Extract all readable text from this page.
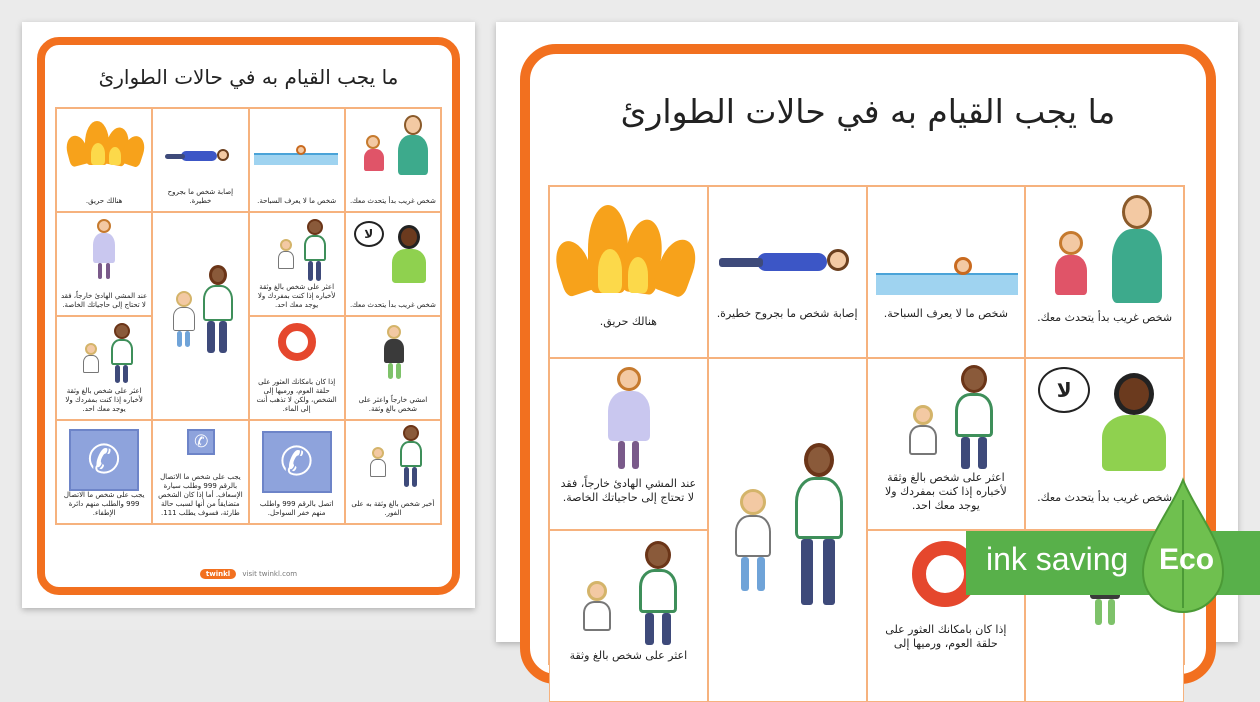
ما يجب القيام به في حالات الطوارئ
هنالك حريق.
إصابة شخص ما بجروح خطيرة.	شخص ما لا يعرف السباحة.	شخص غريب بدأ يتحدث معك.
عند المشي الهادئ خارجاً، فقد لا تحتاج إلى حاجياتك الخاصة.
اعثر على شخص بالغ وثقة لأخباره إذا كنت بمفردك ولا يوجد معك احد.
لا
شخص غريب بدأ يتحدث معك.
اعثر على شخص بالغ وثقة لأخباره إذا كنت بمفردك ولا يوجد معك احد.
إذا كان بامكانك العثور على حلقة العوم، ورميها إلى الشخص، ولكن لا تذهب أنت إلى الماء.
امشي خارجاً واعثر على شخص بالغ وثقة.
✆
يجب على شخص ما الاتصال 999 والطلب منهم دائرة الإطفاء.
✆
يجب على شخص ما الاتصال بالرقم 999 وطلب سيارة الإسعاف. أما إذا كان الشخص متضايقاً من أنها لسبب حالة طارئة، فسوف يطلب 111.
✆
اتصل بالرقم 999 واطلب منهم خفر السواحل.
أخبر شخص بالغ وثقة به على الفور.
twinkl visit twinkl.com
ما يجب القيام به في حالات الطوارئ
هنالك حريق.
إصابة شخص ما بجروح خطيرة.	شخص ما لا يعرف السباحة.	شخص غريب بدأ يتحدث معك.
عند المشي الهادئ خارجاً، فقد لا تحتاج إلى حاجياتك الخاصة.
اعثر على شخص بالغ وثقة لأخباره إذا كنت بمفردك ولا يوجد معك احد.
لا
شخص غريب بدأ يتحدث معك.
اعثر على شخص بالغ وثقة
إذا كان بامكانك العثور على حلقة العوم، ورميها إلى
ink saving Eco
